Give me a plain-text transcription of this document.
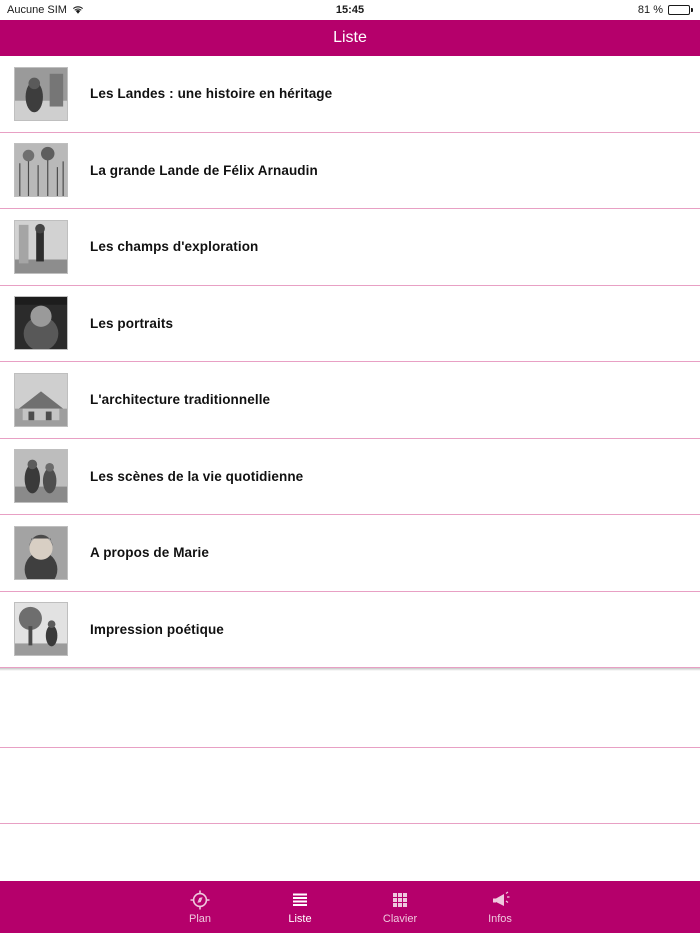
Aucune SIM	15:45	81 %
Liste
Les Landes : une histoire en héritage
La grande Lande de Félix Arnaudin
Les champs d'exploration
Les portraits
L'architecture traditionnelle
Les scènes de la vie quotidienne
A propos de Marie
Impression poétique
Plan	Liste	Clavier	Infos
